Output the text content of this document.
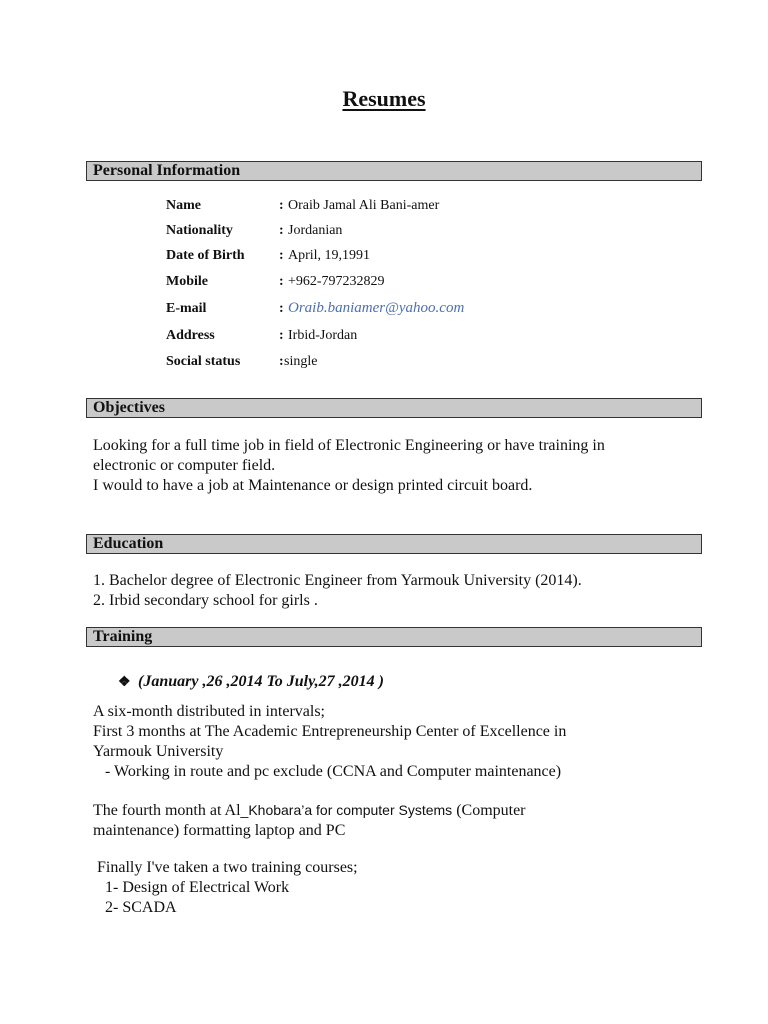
Resumes
Personal Information
Name	: Oraib Jamal Ali Bani-amer
Nationality	: Jordanian
Date of Birth : April, 19,1991
Mobile	: +962-797232829
E-mail	: Oraib.baniamer@yahoo.com
Address	: Irbid-Jordan
Social status	: single
Objectives
Looking for a full time job in field of Electronic Engineering or have training in
electronic or computer field.
I would to have a job at Maintenance or design printed circuit board.
Education
1. Bachelor degree of Electronic Engineer from Yarmouk University (2014).
2. Irbid secondary school for girls .
Training
❖ (January ,26 ,2014 To July,27 ,2014 )
A six-month distributed in intervals;
First 3 months at The Academic Entrepreneurship Center of Excellence in
Yarmouk University
- Working in route and pc exclude (CCNA and Computer maintenance)
The fourth month at Al_Khobara’a for computer Systems (Computer
maintenance) formatting laptop and PC
Finally I've taken a two training courses;
1- Design of Electrical Work
2- SCADA
